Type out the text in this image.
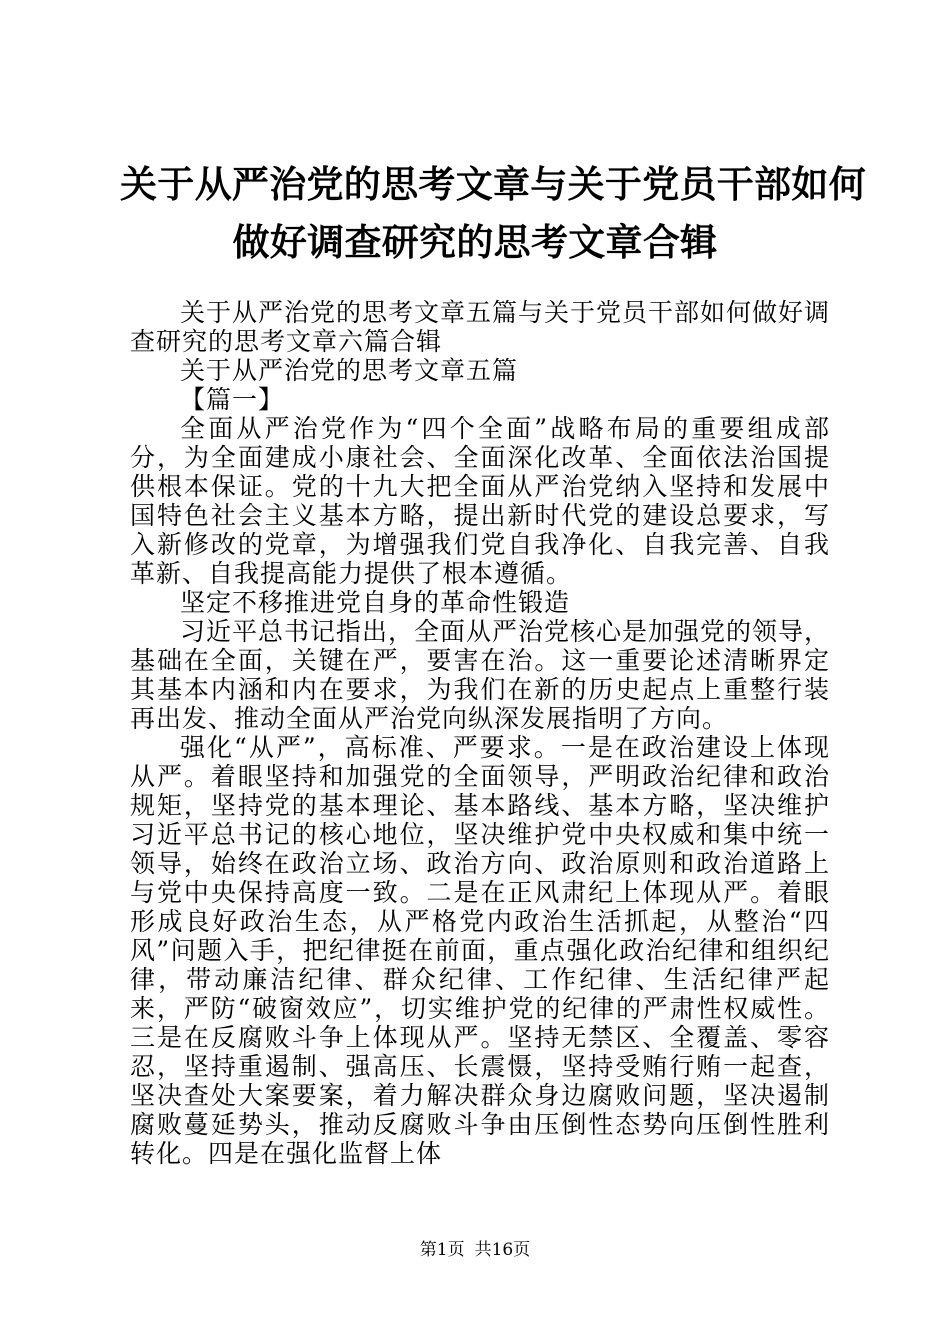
关于从严治党的思考文章与关于党员干部如何
做好调查研究的思考文章合辑

关于从严治党的思考文章五篇与关于党员干部如何做好调查研究的思考文章六篇合辑

关于从严治党的思考文章五篇

【篇一】

全面从严治党作为“四个全面”战略布局的重要组成部分，为全面建成小康社会、全面深化改革、全面依法治国提供根本保证。党的十九大把全面从严治党纳入坚持和发展中国特色社会主义基本方略，提出新时代党的建设总要求，写入新修改的党章，为增强我们党自我净化、自我完善、自我革新、自我提高能力提供了根本遵循。

坚定不移推进党自身的革命性锻造

习近平总书记指出，全面从严治党核心是加强党的领导，基础在全面，关键在严，要害在治。这一重要论述清晰界定其基本内涵和内在要求，为我们在新的历史起点上重整行装再出发、推动全面从严治党向纵深发展指明了方向。

强化“从严”，高标准、严要求。一是在政治建设上体现从严。着眼坚持和加强党的全面领导，严明政治纪律和政治规矩，坚持党的基本理论、基本路线、基本方略，坚决维护习近平总书记的核心地位，坚决维护党中央权威和集中统一领导，始终在政治立场、政治方向、政治原则和政治道路上与党中央保持高度一致。二是在正风肃纪上体现从严。着眼形成良好政治生态，从严格党内政治生活抓起，从整治“四风”问题入手，把纪律挺在前面，重点强化政治纪律和组织纪律，带动廉洁纪律、群众纪律、工作纪律、生活纪律严起来，严防“破窗效应”，切实维护党的纪律的严肃性权威性。三是在反腐败斗争上体现从严。坚持无禁区、全覆盖、零容忍，坚持重遏制、强高压、长震慑，坚持受贿行贿一起查，坚决查处大案要案，着力解决群众身边腐败问题，坚决遏制腐败蔓延势头，推动反腐败斗争由压倒性态势向压倒性胜利转化。四是在强化监督上体

第1页 共16页
